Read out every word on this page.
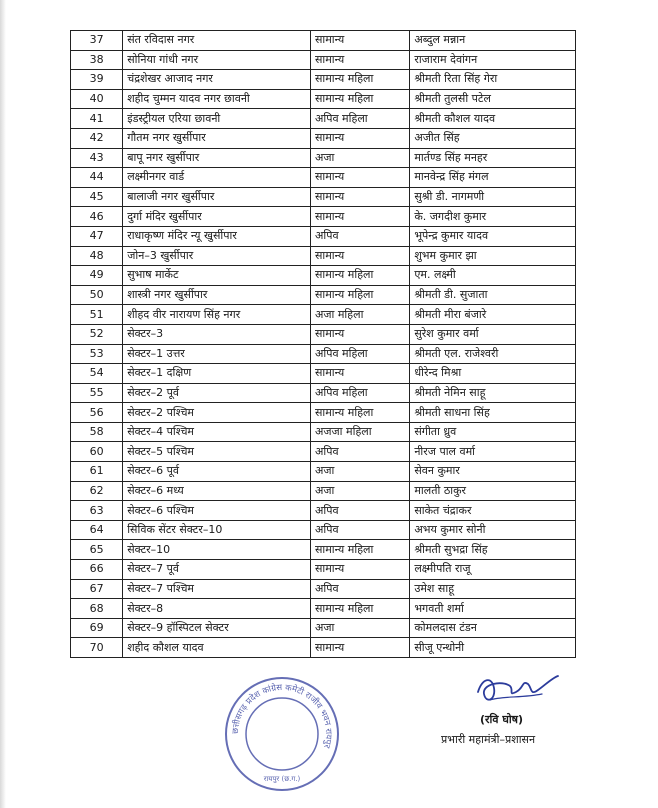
37	संत रविदास नगर	सामान्य	अब्दुल मन्नान
38	सोनिया गांधी नगर	सामान्य	राजाराम देवांगन
39	चंद्रशेखर आजाद नगर	सामान्य महिला	श्रीमती रिता सिंह गेरा
40	शहीद चुम्मन यादव नगर छावनी	सामान्य महिला	श्रीमती तुलसी पटेल
41	इंडस्ट्रीयल एरिया छावनी	अपिव महिला	श्रीमती कौशल यादव
42	गौतम नगर खुर्सीपार	सामान्य	अजीत सिंह
43	बापू नगर खुर्सीपार	अजा	मार्तण्ड सिंह मनहर
44	लक्ष्मीनगर वार्ड	सामान्य	मानवेन्द्र सिंह मंगल
45	बालाजी नगर खुर्सीपार	सामान्य	सुश्री डी. नागमणी
46	दुर्गा मंदिर खुर्सीपार	सामान्य	के. जगदीश कुमार
47	राधाकृष्ण मंदिर न्यू खुर्सीपार	अपिव	भूपेन्द्र कुमार यादव
48	जोन–3 खुर्सीपार	सामान्य	शुभम कुमार झा
49	सुभाष मार्केट	सामान्य महिला	एम. लक्ष्मी
50	शास्त्री नगर खुर्सीपार	सामान्य महिला	श्रीमती डी. सुजाता
51	शीहद वीर नारायण सिंह नगर	अजा महिला	श्रीमती मीरा बंजारे
52	सेक्टर–3	सामान्य	सुरेश कुमार वर्मा
53	सेक्टर–1 उत्तर	अपिव महिला	श्रीमती एल. राजेश्वरी
54	सेक्टर–1 दक्षिण	सामान्य	धीरेन्द मिश्रा
55	सेक्टर–2 पूर्व	अपिव महिला	श्रीमती नेमिन साहू
56	सेक्टर–2 पश्चिम	सामान्य महिला	श्रीमती साधना सिंह
58	सेक्टर–4 पश्चिम	अजजा महिला	संगीता ध्रुव
60	सेक्टर–5 पश्चिम	अपिव	नीरज पाल वर्मा
61	सेक्टर–6 पूर्व	अजा	सेवन कुमार
62	सेक्टर–6 मध्य	अजा	मालती ठाकुर
63	सेक्टर–6 पश्चिम	अपिव	साकेत चंद्राकर
64	सिविक सेंटर सेक्टर–10	अपिव	अभय कुमार सोनी
65	सेक्टर–10	सामान्य महिला	श्रीमती सुभद्रा सिंह
66	सेक्टर–7 पूर्व	सामान्य	लक्ष्मीपति राजू
67	सेक्टर–7 पश्चिम	अपिव	उमेश साहू
68	सेक्टर–8	सामान्य महिला	भगवती शर्मा
69	सेक्टर–9 हॉस्पिटल सेक्टर	अजा	कोमलदास टंडन
70	शहीद कौशल यादव	सामान्य	सीजू एन्थोनी
छत्तीसगढ़ प्रदेश कांग्रेस कमेटी राजीव भवन रायपुर
रायपुर (छ.ग.)
(रवि घोष)
प्रभारी महामंत्री–प्रशासन
